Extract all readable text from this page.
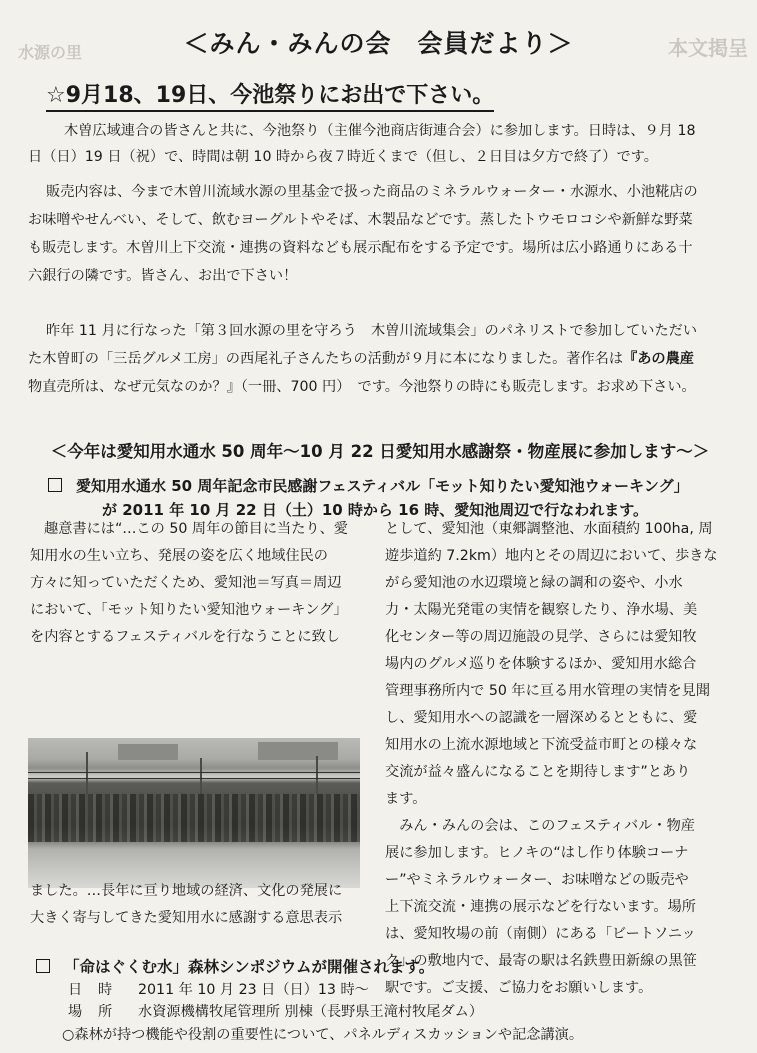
本文掲呈
水源の里	＜みん・みんの会　会員だより＞
☆9月18、19日、今池祭りにお出で下さい。
木曽広域連合の皆さんと共に、今池祭り（主催今池商店街連合会）に参加します。日時は、９月 18
日（日）19 日（祝）で、時間は朝 10 時から夜７時近くまで（但し、２日目は夕方で終了）です。
販売内容は、今まで木曽川流域水源の里基金で扱った商品のミネラルウォーター・水源水、小池糀店の
お味噌やせんべい、そして、飲むヨーグルトやそば、木製品などです。蒸したトウモロコシや新鮮な野菜
も販売します。木曽川上下交流・連携の資料なども展示配布をする予定です。場所は広小路通りにある十
六銀行の隣です。皆さん、お出で下さい！
昨年 11 月に行なった「第３回水源の里を守ろう　木曽川流域集会」のパネリストで参加していただい
た木曽町の「三岳グルメ工房」の西尾礼子さんたちの活動が９月に本になりました。著作名は『あの農産
物直売所は、なぜ元気なのか？』（一冊、700 円）　です。今池祭りの時にも販売します。お求め下さい。
＜今年は愛知用水通水 50 周年～10 月 22 日愛知用水感謝祭・物産展に参加します～＞
愛知用水通水 50 周年記念市民感謝フェスティバル「モット知りたい愛知池ウォーキング」
が 2011 年 10 月 22 日（土）10 時から 16 時、愛知池周辺で行なわれます。
趣意書には“…この 50 周年の節目に当たり、愛
知用水の生い立ち、発展の姿を広く地域住民の
方々に知っていただくため、愛知池＝写真＝周辺
において、「モット知りたい愛知池ウォーキング」
を内容とするフェスティバルを行なうことに致し
ました。…長年に亘り地域の経済、文化の発展に
大きく寄与してきた愛知用水に感謝する意思表示
として、愛知池（東郷調整池、水面積約 100ha, 周
遊歩道約 7.2km）地内とその周辺において、歩きな
がら愛知池の水辺環境と緑の調和の姿や、小水
力・太陽光発電の実情を観察したり、浄水場、美
化センター等の周辺施設の見学、さらには愛知牧
場内のグルメ巡りを体験するほか、愛知用水総合
管理事務所内で 50 年に亘る用水管理の実情を見聞
し、愛知用水への認識を一層深めるとともに、愛
知用水の上流水源地域と下流受益市町との様々な
交流が益々盛んになることを期待します”とあり
ます。
　みん・みんの会は、このフェスティバル・物産
展に参加します。ヒノキの“はし作り体験コーナ
ー”やミネラルウォーター、お味噌などの販売や
上下流交流・連携の展示などを行ないます。場所
は、愛知牧場の前（南側）にある「ビートソニッ
ク」の敷地内で、最寄の駅は名鉄豊田新線の黒笹
駅です。ご支援、ご協力をお願いします。
「命はぐくむ水」森林シンポジウムが開催されます。
日 時 2011 年 10 月 23 日（日）13 時～
場 所 水資源機構牧尾管理所 別棟（長野県王滝村牧尾ダム）
○森林が持つ機能や役割の重要性について、パネルディスカッションや記念講演。
